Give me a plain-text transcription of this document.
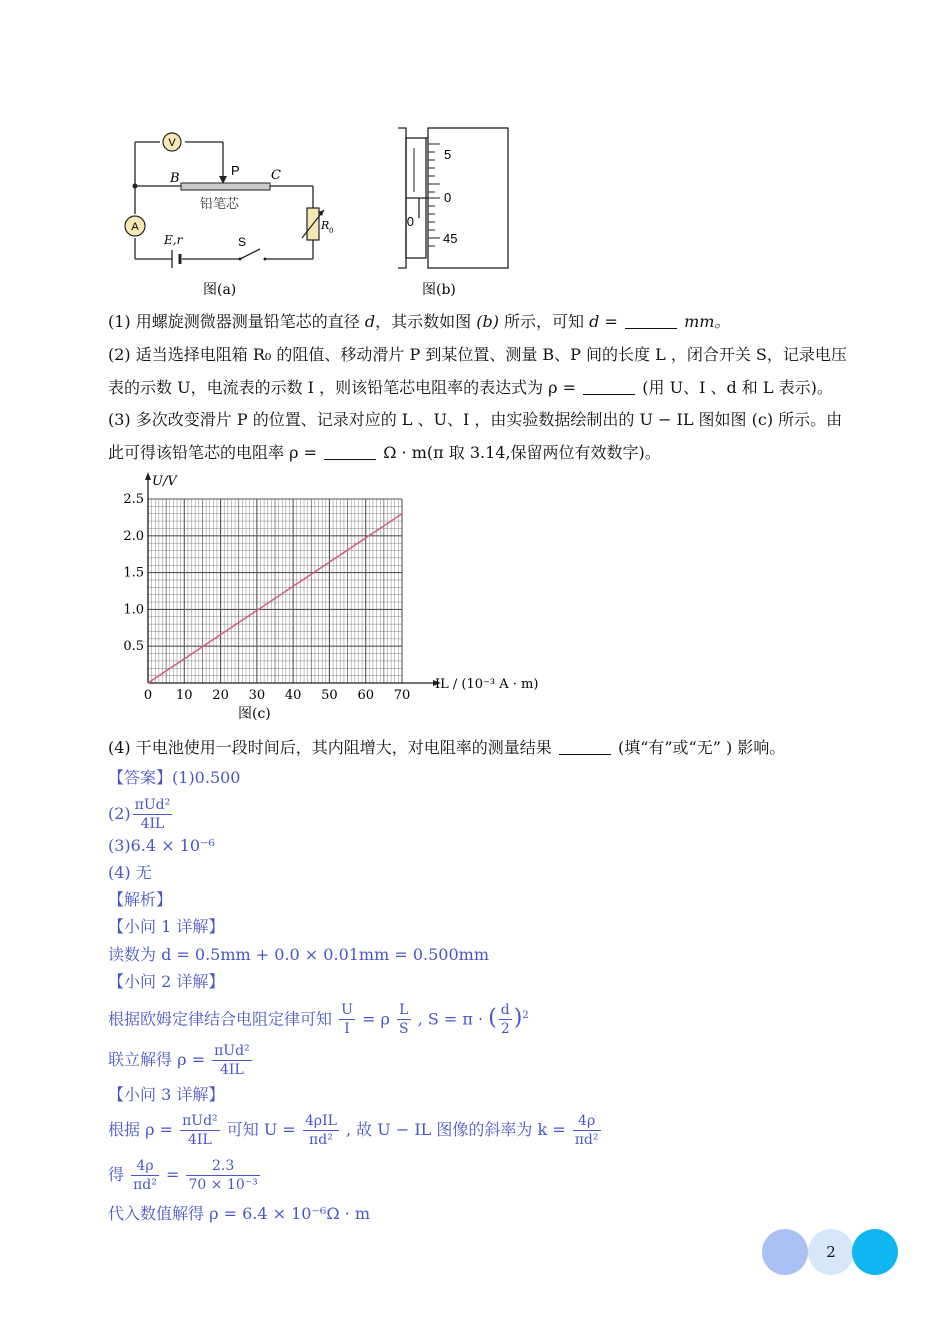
V
A
P
B	C
铅笔芯
R 0
E,r	S
图(a)
5
0
45
0
图(b)
(1) 用螺旋测微器测量铅笔芯的直径 d，其示数如图 (b) 所示，可知 d =	mm。
(2) 适当选择电阻箱 R₀ 的阻值、移动滑片 P 到某位置、测量 B、P 间的长度 L ，闭合开关 S，记录电压
表的示数 U，电流表的示数 I ，则该铅笔芯电阻率的表达式为 ρ =	(用 U、I 、d 和 L 表示)。
(3) 多次改变滑片 P 的位置、记录对应的 L 、U、I ，由实验数据绘制出的 U − IL 图如图 (c) 所示。由
此可得该铅笔芯的电阻率 ρ =	Ω · m(π 取 3.14,保留两位有效数字)。
0 10 20 30 40 50 60 70
0.5
1.0
1.5
2.0
2.5
U/V
IL / (10⁻³ A · m)
图(c)
(4) 干电池使用一段时间后，其内阻增大，对电阻率的测量结果	(填“有”或“无” ) 影响。
【答案】(1)0.500
$(2) \frac{\text{πUd²}}{4IL}$
(3)6.4 × 10⁻⁶
(4) 无
【解析】
【小问 1 详解】
读数为 d = 0.5mm + 0.0 × 0.01mm = 0.500mm
【小问 2 详解】
根据欧姆定律结合电阻定律可知 $\frac{U}{I} = \rho \frac{L}{S}$ , S = π · ( $\frac{d}{2} )^2$
联立解得 $\rho = \frac{\text{πUd²}}{4IL}$
【小问 3 详解】
根据 $\rho = \frac{\text{πUd²}}{4IL}$ 可知 $U = \frac{\text{4ρIL}}{\text{πd²}}$ , 故 U − IL 图像的斜率为 $k = \frac{4\rho}{\text{πd²}}$
得 $\frac{4\rho}{\text{πd²}} = \frac{2.3}{\text{70 × 10⁻³}}$
代入数值解得 ρ = 6.4 × 10⁻⁶Ω · m
2
